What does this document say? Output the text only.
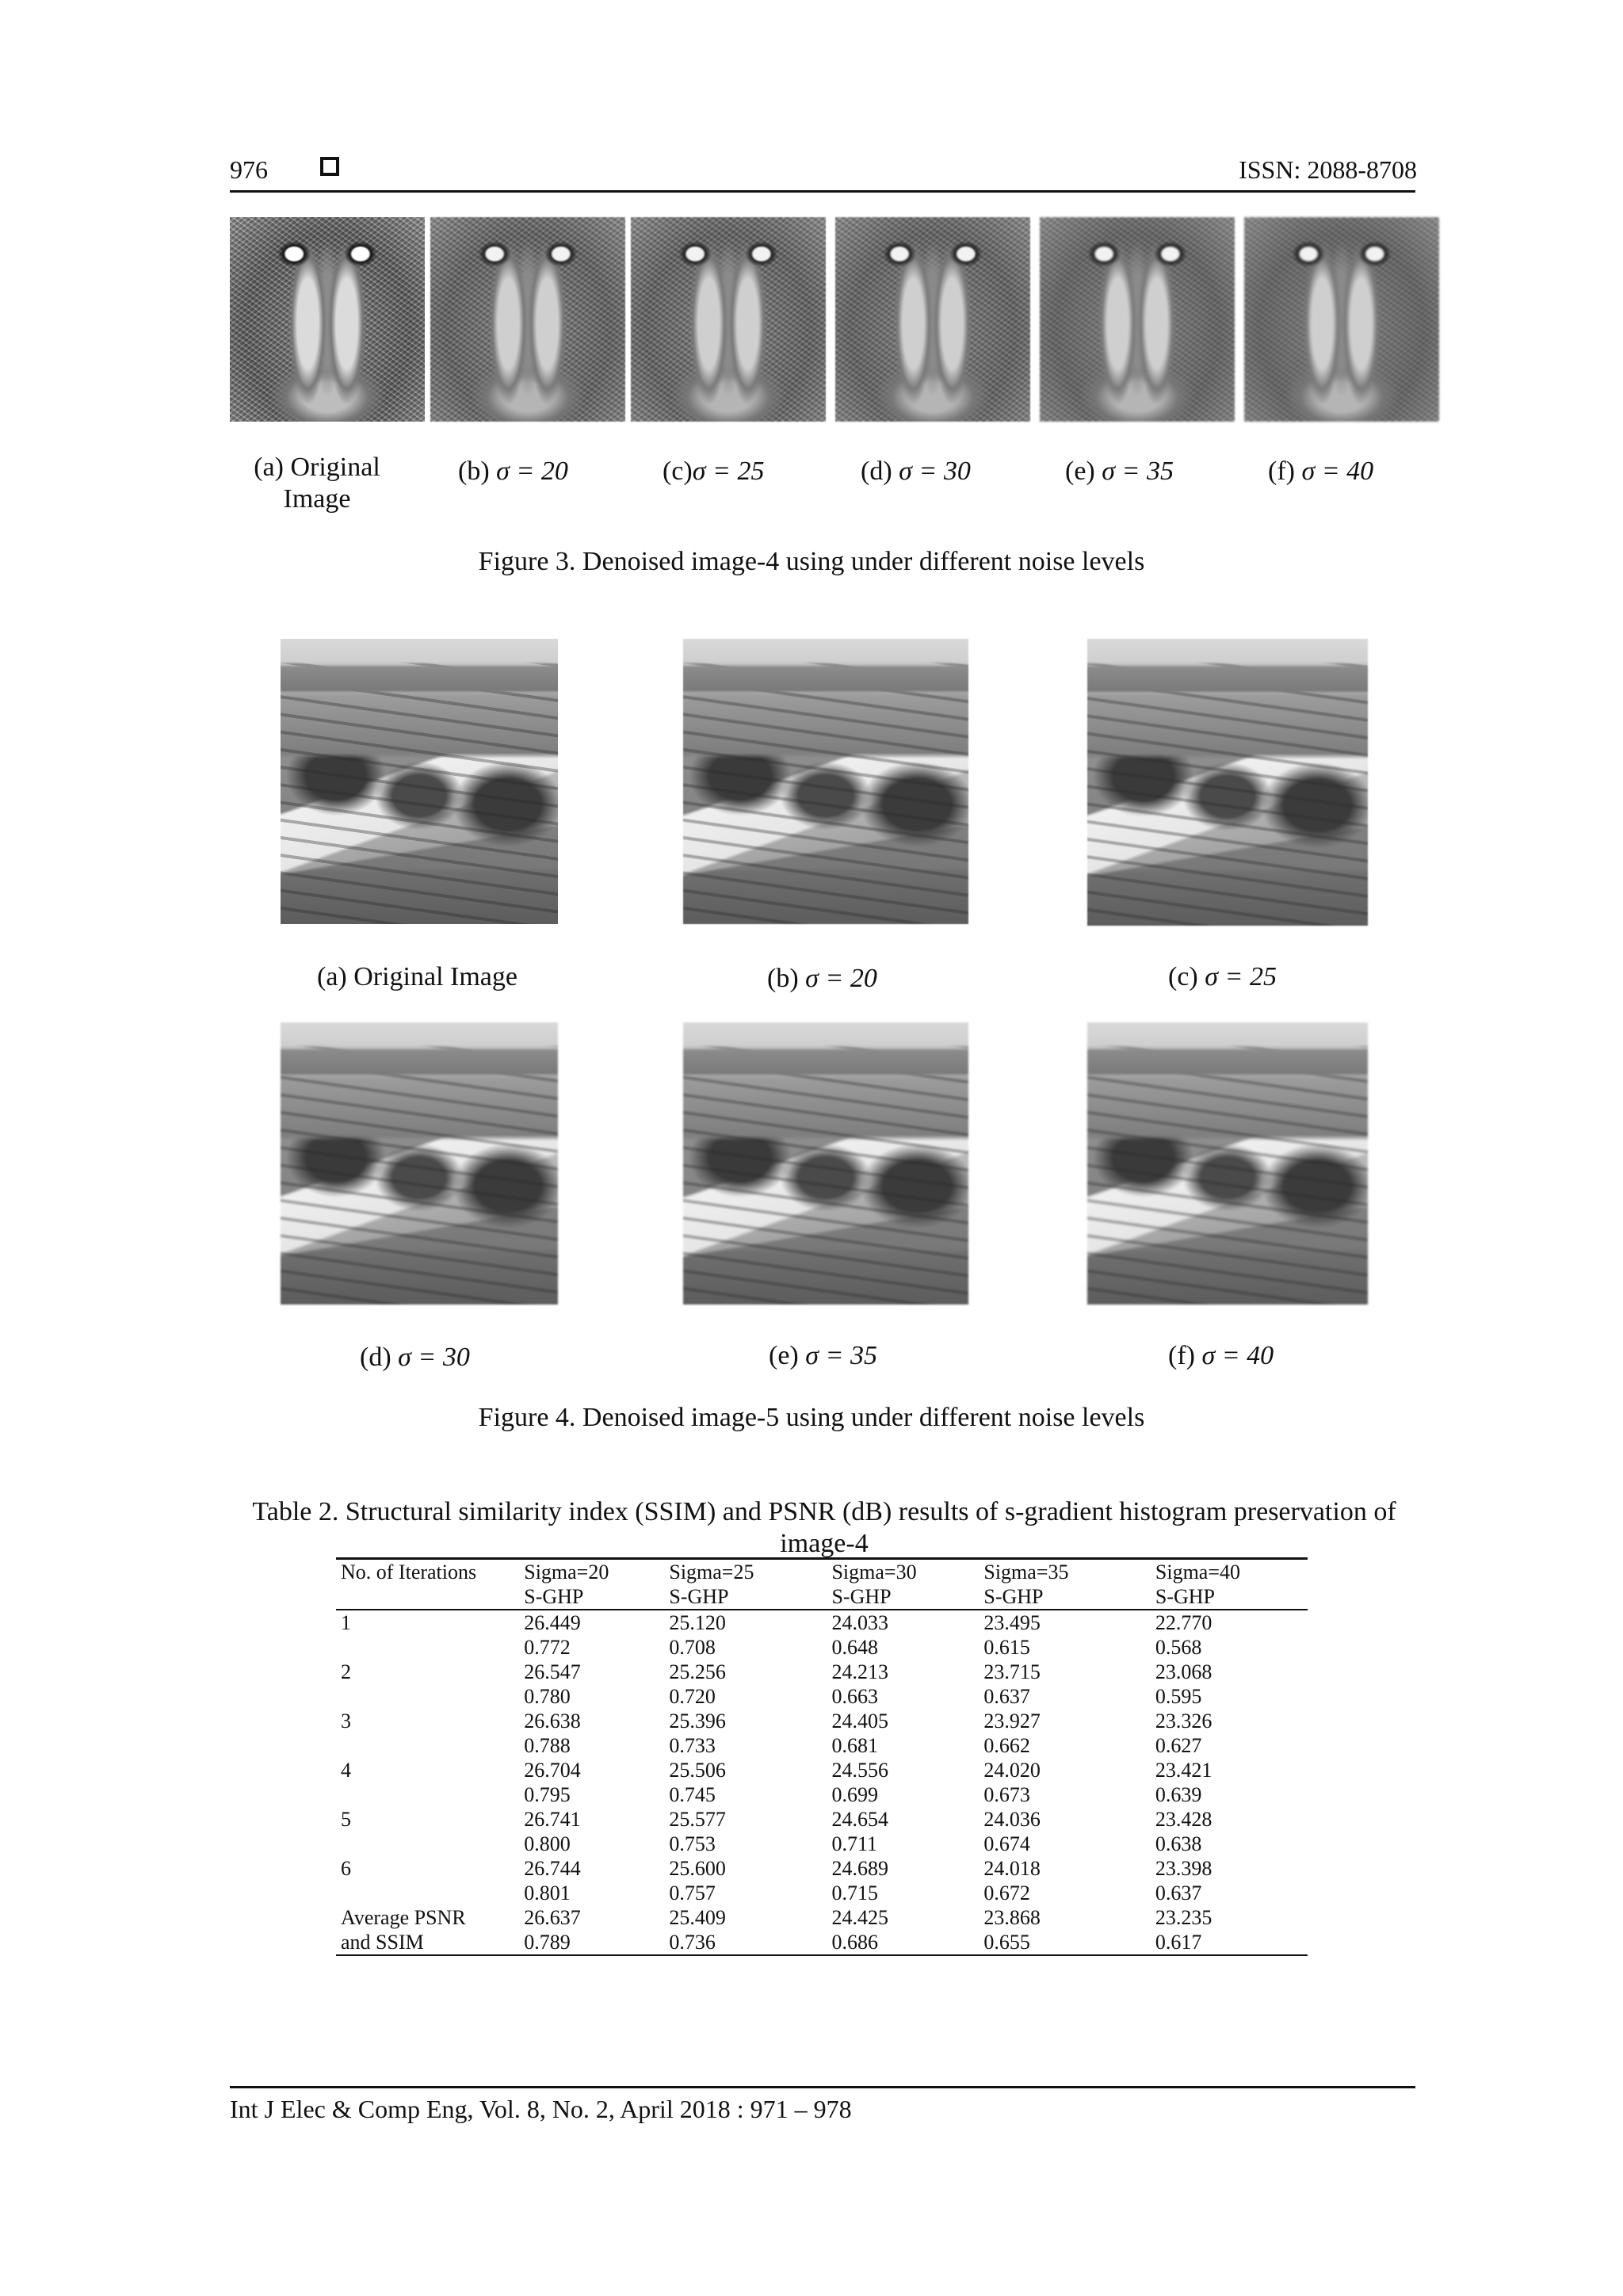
976	ISSN: 2088-8708
(a) Original
Image
(b) σ = 20	(c)σ = 25	(d) σ = 30	(e) σ = 35	(f) σ = 40
Figure 3. Denoised image-4 using under different noise levels
(a) Original Image	(b) σ = 20	(c) σ = 25
(d) σ = 30	(e) σ = 35	(f) σ = 40
Figure 4. Denoised image-5 using under different noise levels
Table 2. Structural similarity index (SSIM) and PSNR (dB) results of s-gradient histogram preservation of image-4
No. of Iterations	Sigma=20	Sigma=25	Sigma=30	Sigma=35	Sigma=40
	S-GHP	S-GHP	S-GHP	S-GHP	S-GHP
1	26.449	25.120	24.033	23.495	22.770
	0.772	0.708	0.648	0.615	0.568
2	26.547	25.256	24.213	23.715	23.068
	0.780	0.720	0.663	0.637	0.595
3	26.638	25.396	24.405	23.927	23.326
	0.788	0.733	0.681	0.662	0.627
4	26.704	25.506	24.556	24.020	23.421
	0.795	0.745	0.699	0.673	0.639
5	26.741	25.577	24.654	24.036	23.428
	0.800	0.753	0.711	0.674	0.638
6	26.744	25.600	24.689	24.018	23.398
	0.801	0.757	0.715	0.672	0.637
Average PSNR	26.637	25.409	24.425	23.868	23.235
and SSIM	0.789	0.736	0.686	0.655	0.617
Int J Elec & Comp Eng, Vol. 8, No. 2, April 2018 : 971 – 978
